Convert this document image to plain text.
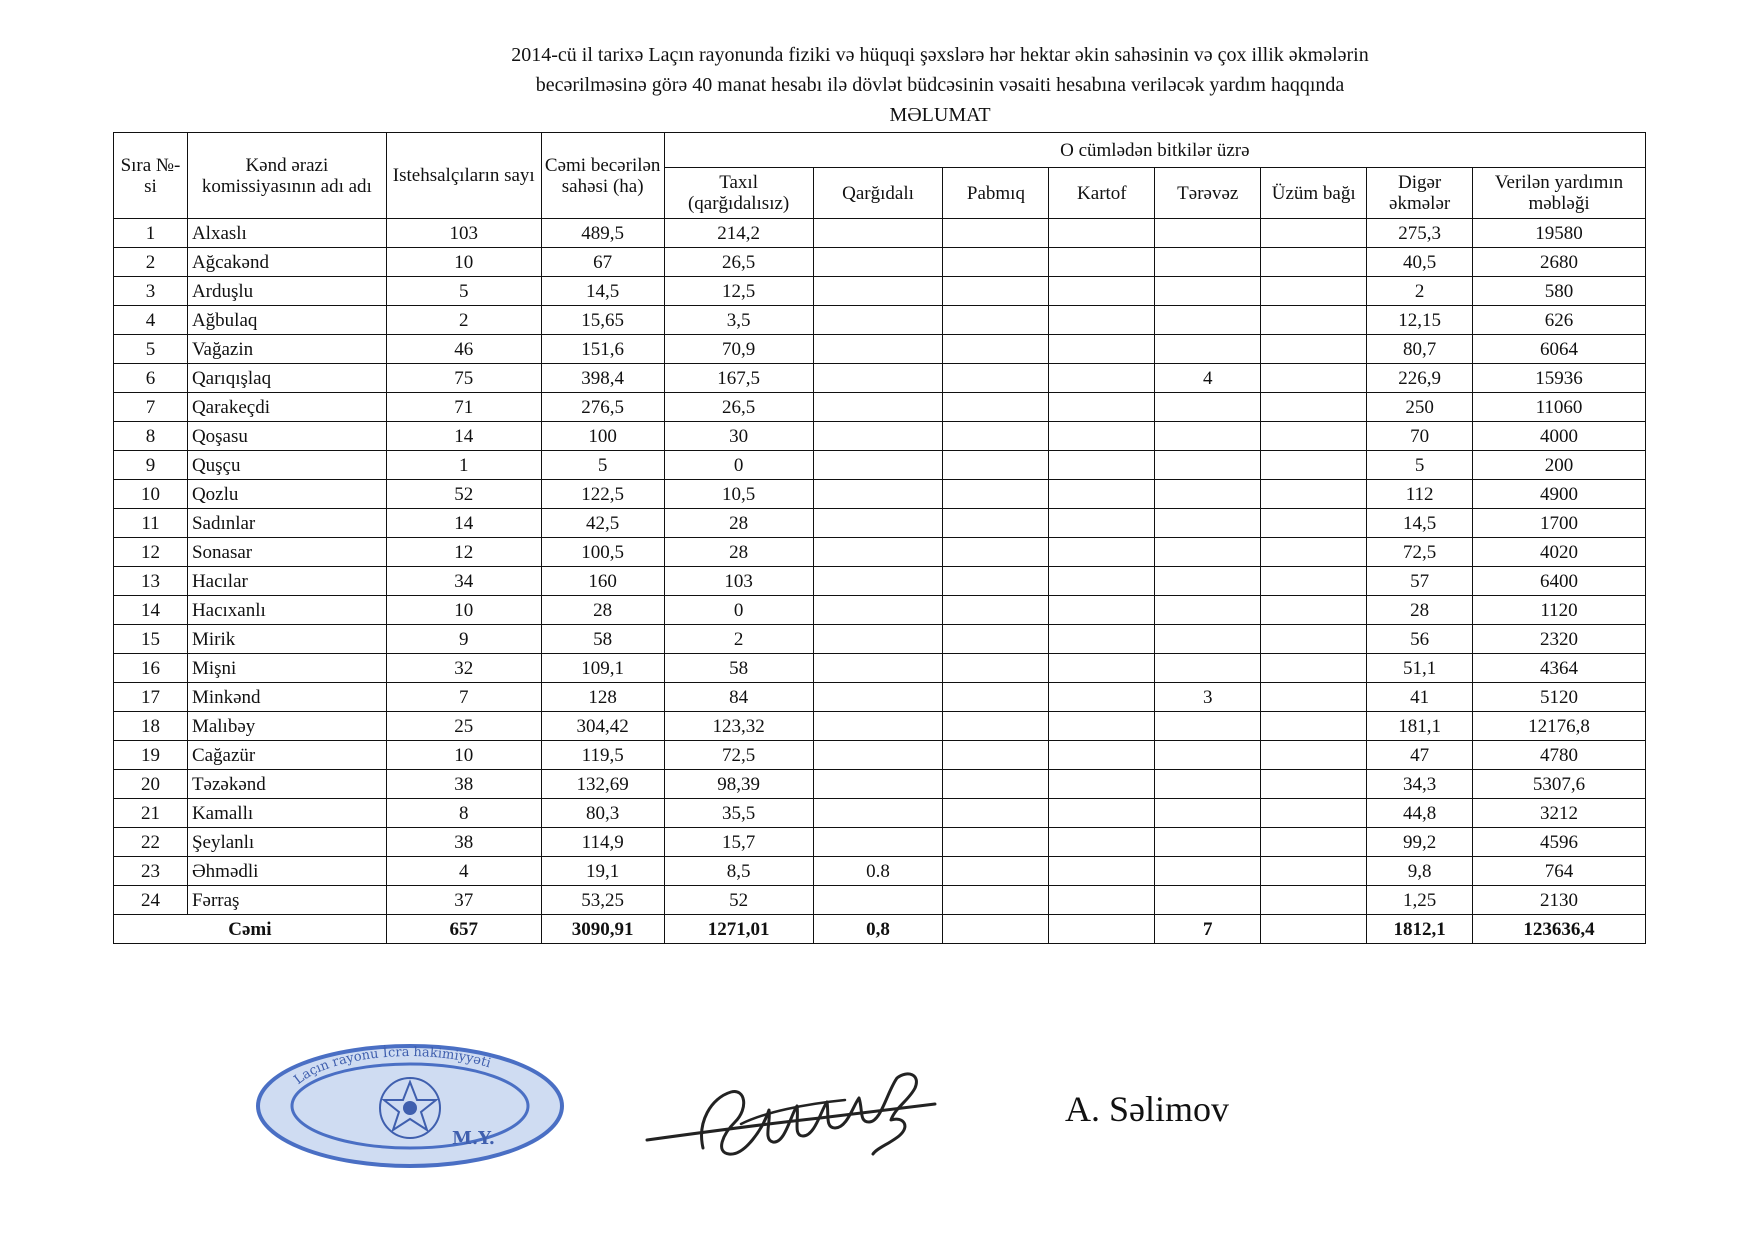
2014-cü il tarixə Laçın rayonunda fiziki və hüquqi şəxslərə hər hektar əkin sahəsinin və çox illik əkmələrin
becərilməsinə görə 40 manat hesabı ilə dövlət büdcəsinin vəsaiti hesabına veriləcək yardım haqqında
MƏLUMAT
Sıra №-si	Kənd ərazi komissiyasının adı adı	Istehsalçıların sayı	Cəmi becərilən sahəsi (ha)	O cümlədən bitkilər üzrə							
				Taxıl (qarğıdalısız)	Qarğıdalı	Pabmıq	Kartof	Tərəvəz	Üzüm bağı	Digər əkmələr	Verilən yardımın məbləği
1	Alxaslı	103	489,5	214,2						275,3	19580
2	Ağcakənd	10	67	26,5						40,5	2680
3	Arduşlu	5	14,5	12,5						2	580
4	Ağbulaq	2	15,65	3,5						12,15	626
5	Vağazin	46	151,6	70,9						80,7	6064
6	Qarıqışlaq	75	398,4	167,5				4		226,9	15936
7	Qarakeçdi	71	276,5	26,5						250	11060
8	Qoşasu	14	100	30						70	4000
9	Quşçu	1	5	0						5	200
10	Qozlu	52	122,5	10,5						112	4900
11	Sadınlar	14	42,5	28						14,5	1700
12	Sonasar	12	100,5	28						72,5	4020
13	Hacılar	34	160	103						57	6400
14	Hacıxanlı	10	28	0						28	1120
15	Mirik	9	58	2						56	2320
16	Mişni	32	109,1	58						51,1	4364
17	Minkənd	7	128	84				3		41	5120
18	Malıbəy	25	304,42	123,32						181,1	12176,8
19	Cağazür	10	119,5	72,5						47	4780
20	Təzəkənd	38	132,69	98,39						34,3	5307,6
21	Kamallı	8	80,3	35,5						44,8	3212
22	Şeylanlı	38	114,9	15,7						99,2	4596
23	Əhmədli	4	19,1	8,5	0.8					9,8	764
24	Fərraş	37	53,25	52						1,25	2130
Cəmi		657	3090,91	1271,01	0,8			7		1812,1	123636,4
Laçın rayonu İcra hakimiyyəti
M.Y.
A. Səlimov
